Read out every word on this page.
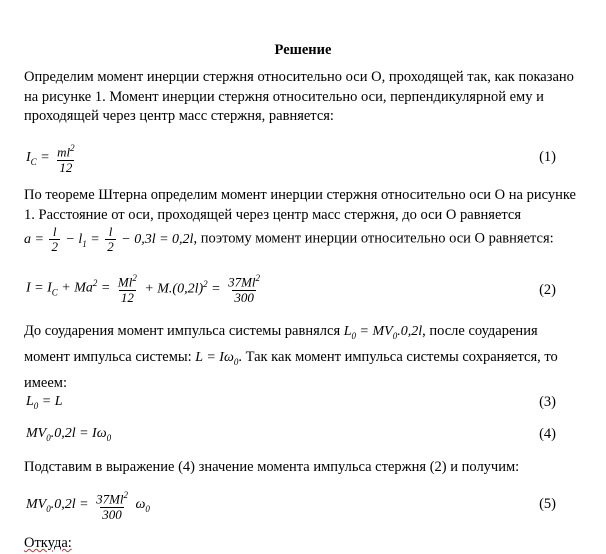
Решение
Определим момент инерции стержня относительно оси О, проходящей так, как показано на рисунке 1. Момент инерции стержня относительно оси, перпендикулярной ему и проходящей через центр масс стержня, равняется:
$I_C = \frac{ml^2}{12}$	(1)
По теореме Штерна определим момент инерции стержня относительно оси О на рисунке 1. Расстояние от оси, проходящей через центр масс стержня, до оси О равняется
$a = \frac{l}{2} - l_1 = \frac{l}{2} - 0,3l = 0,2l$, поэтому момент инерции относительно оси О равняется:
$I = I_C + Ma^2 = \frac{Ml^2}{12} + M.(0,2l)^2 = \frac{37Ml^2}{300}$	(2)
До соударения момент импульса системы равнялся $L_0 = MV_0.0,2l$, после соударения момент импульса системы: $L = I\omega_0$. Так как момент импульса системы сохраняется, то имеем:
$L_0 = L$	(3)
$MV_0.0,2l = I\omega_0$	(4)
Подставим в выражение (4) значение момента импульса стержня (2) и получим:
$MV_0.0,2l = \frac{37Ml^2}{300} \omega_0$	(5)
Откуда:
